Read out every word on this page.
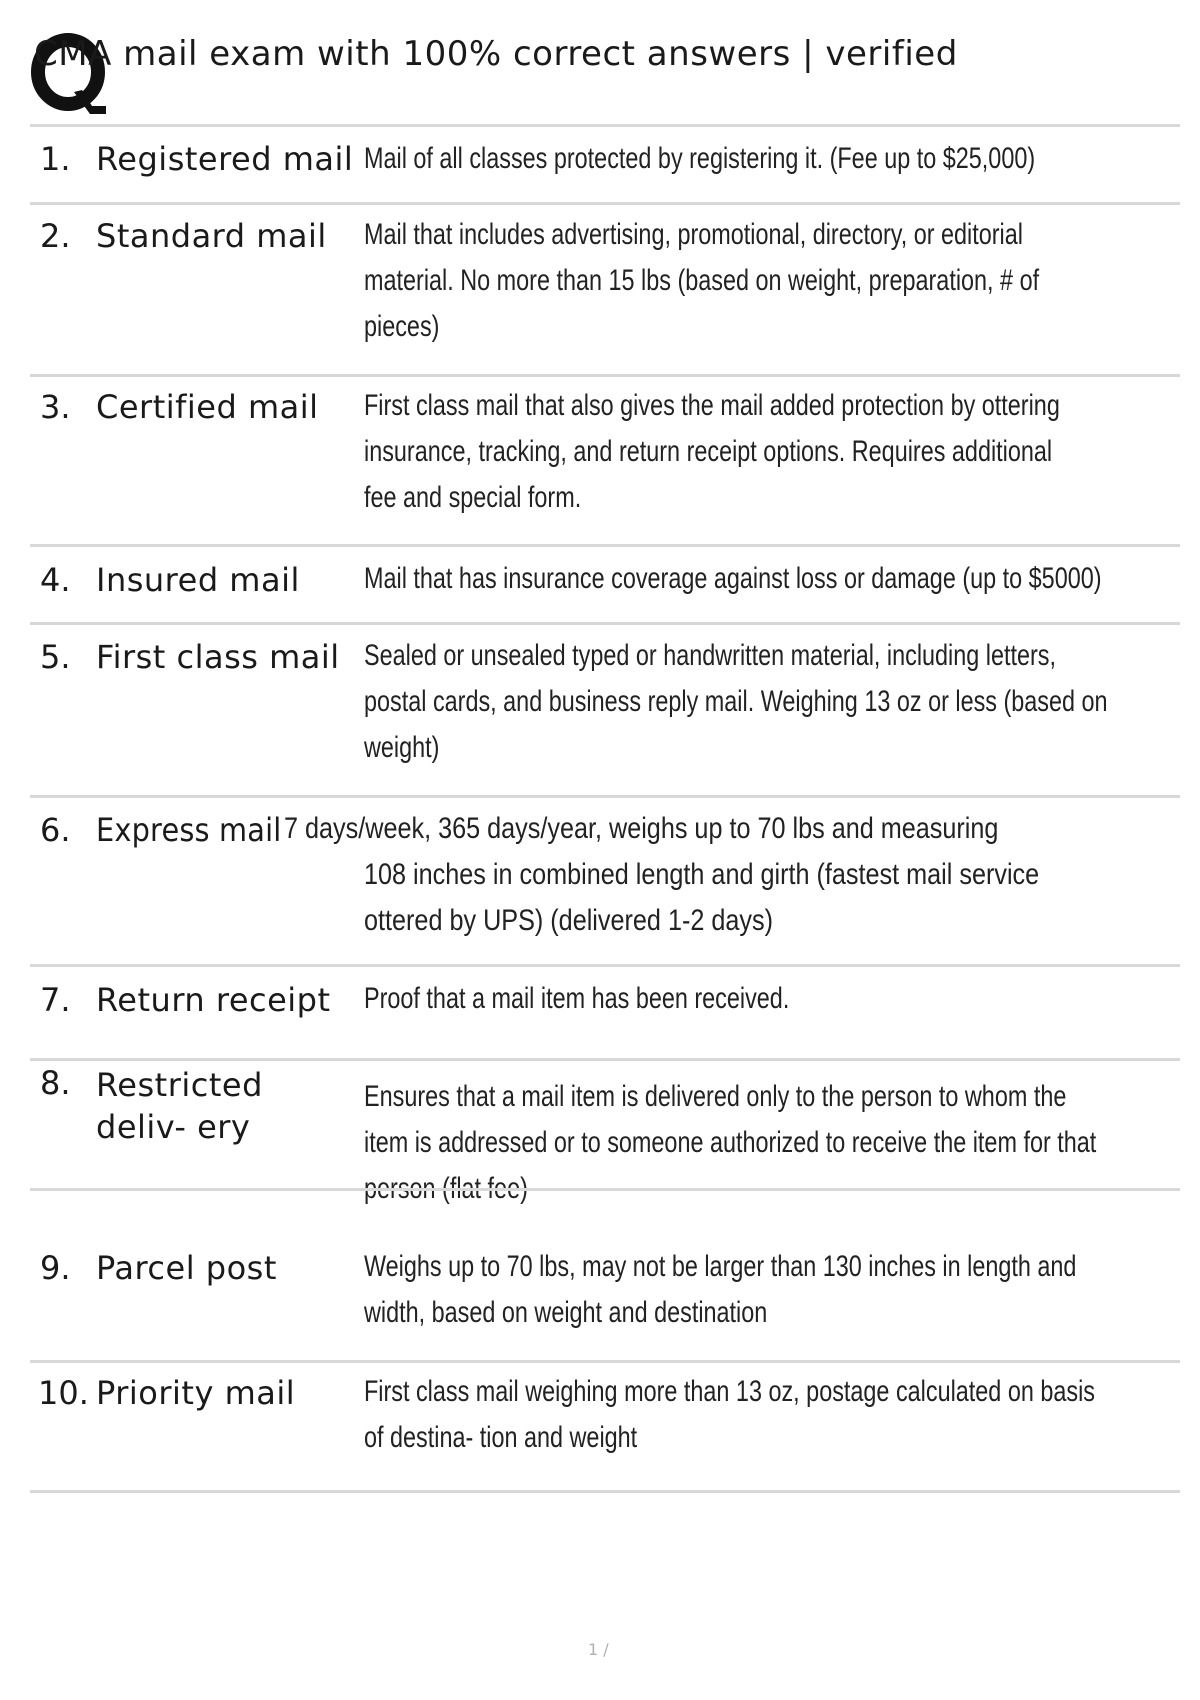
CMA mail exam with 100% correct answers | verified
1. Registered mail Mail of all classes protected by registering it. (Fee up to $25,000)
2. Standard mail Mail that includes advertising, promotional, directory, or editorial
material. No more than 15 lbs (based on weight, preparation, # of
pieces)
3. Certified mail First class mail that also gives the mail added protection by ottering
insurance, tracking, and return receipt options. Requires additional
fee and special form.
4. Insured mail Mail that has insurance coverage against loss or damage (up to $5000)
5. First class mail Sealed or unsealed typed or handwritten material, including letters,
postal cards, and business reply mail. Weighing 13 oz or less (based on
weight)
6. Express mail 7 days/week, 365 days/year, weighs up to 70 lbs and measuring
108 inches in combined length and girth (fastest mail service
ottered by UPS) (delivered 1-2 days)
7. Return receipt Proof that a mail item has been received.
8. Restricted
deliv- ery
Ensures that a mail item is delivered only to the person to whom the
item is addressed or to someone authorized to receive the item for that
person (flat fee)
9. Parcel post	Weighs up to 70 lbs, may not be larger than 130 inches in length and
width, based on weight and destination
10. Priority mail First class mail weighing more than 13 oz, postage calculated on basis
of destina- tion and weight
1 /
